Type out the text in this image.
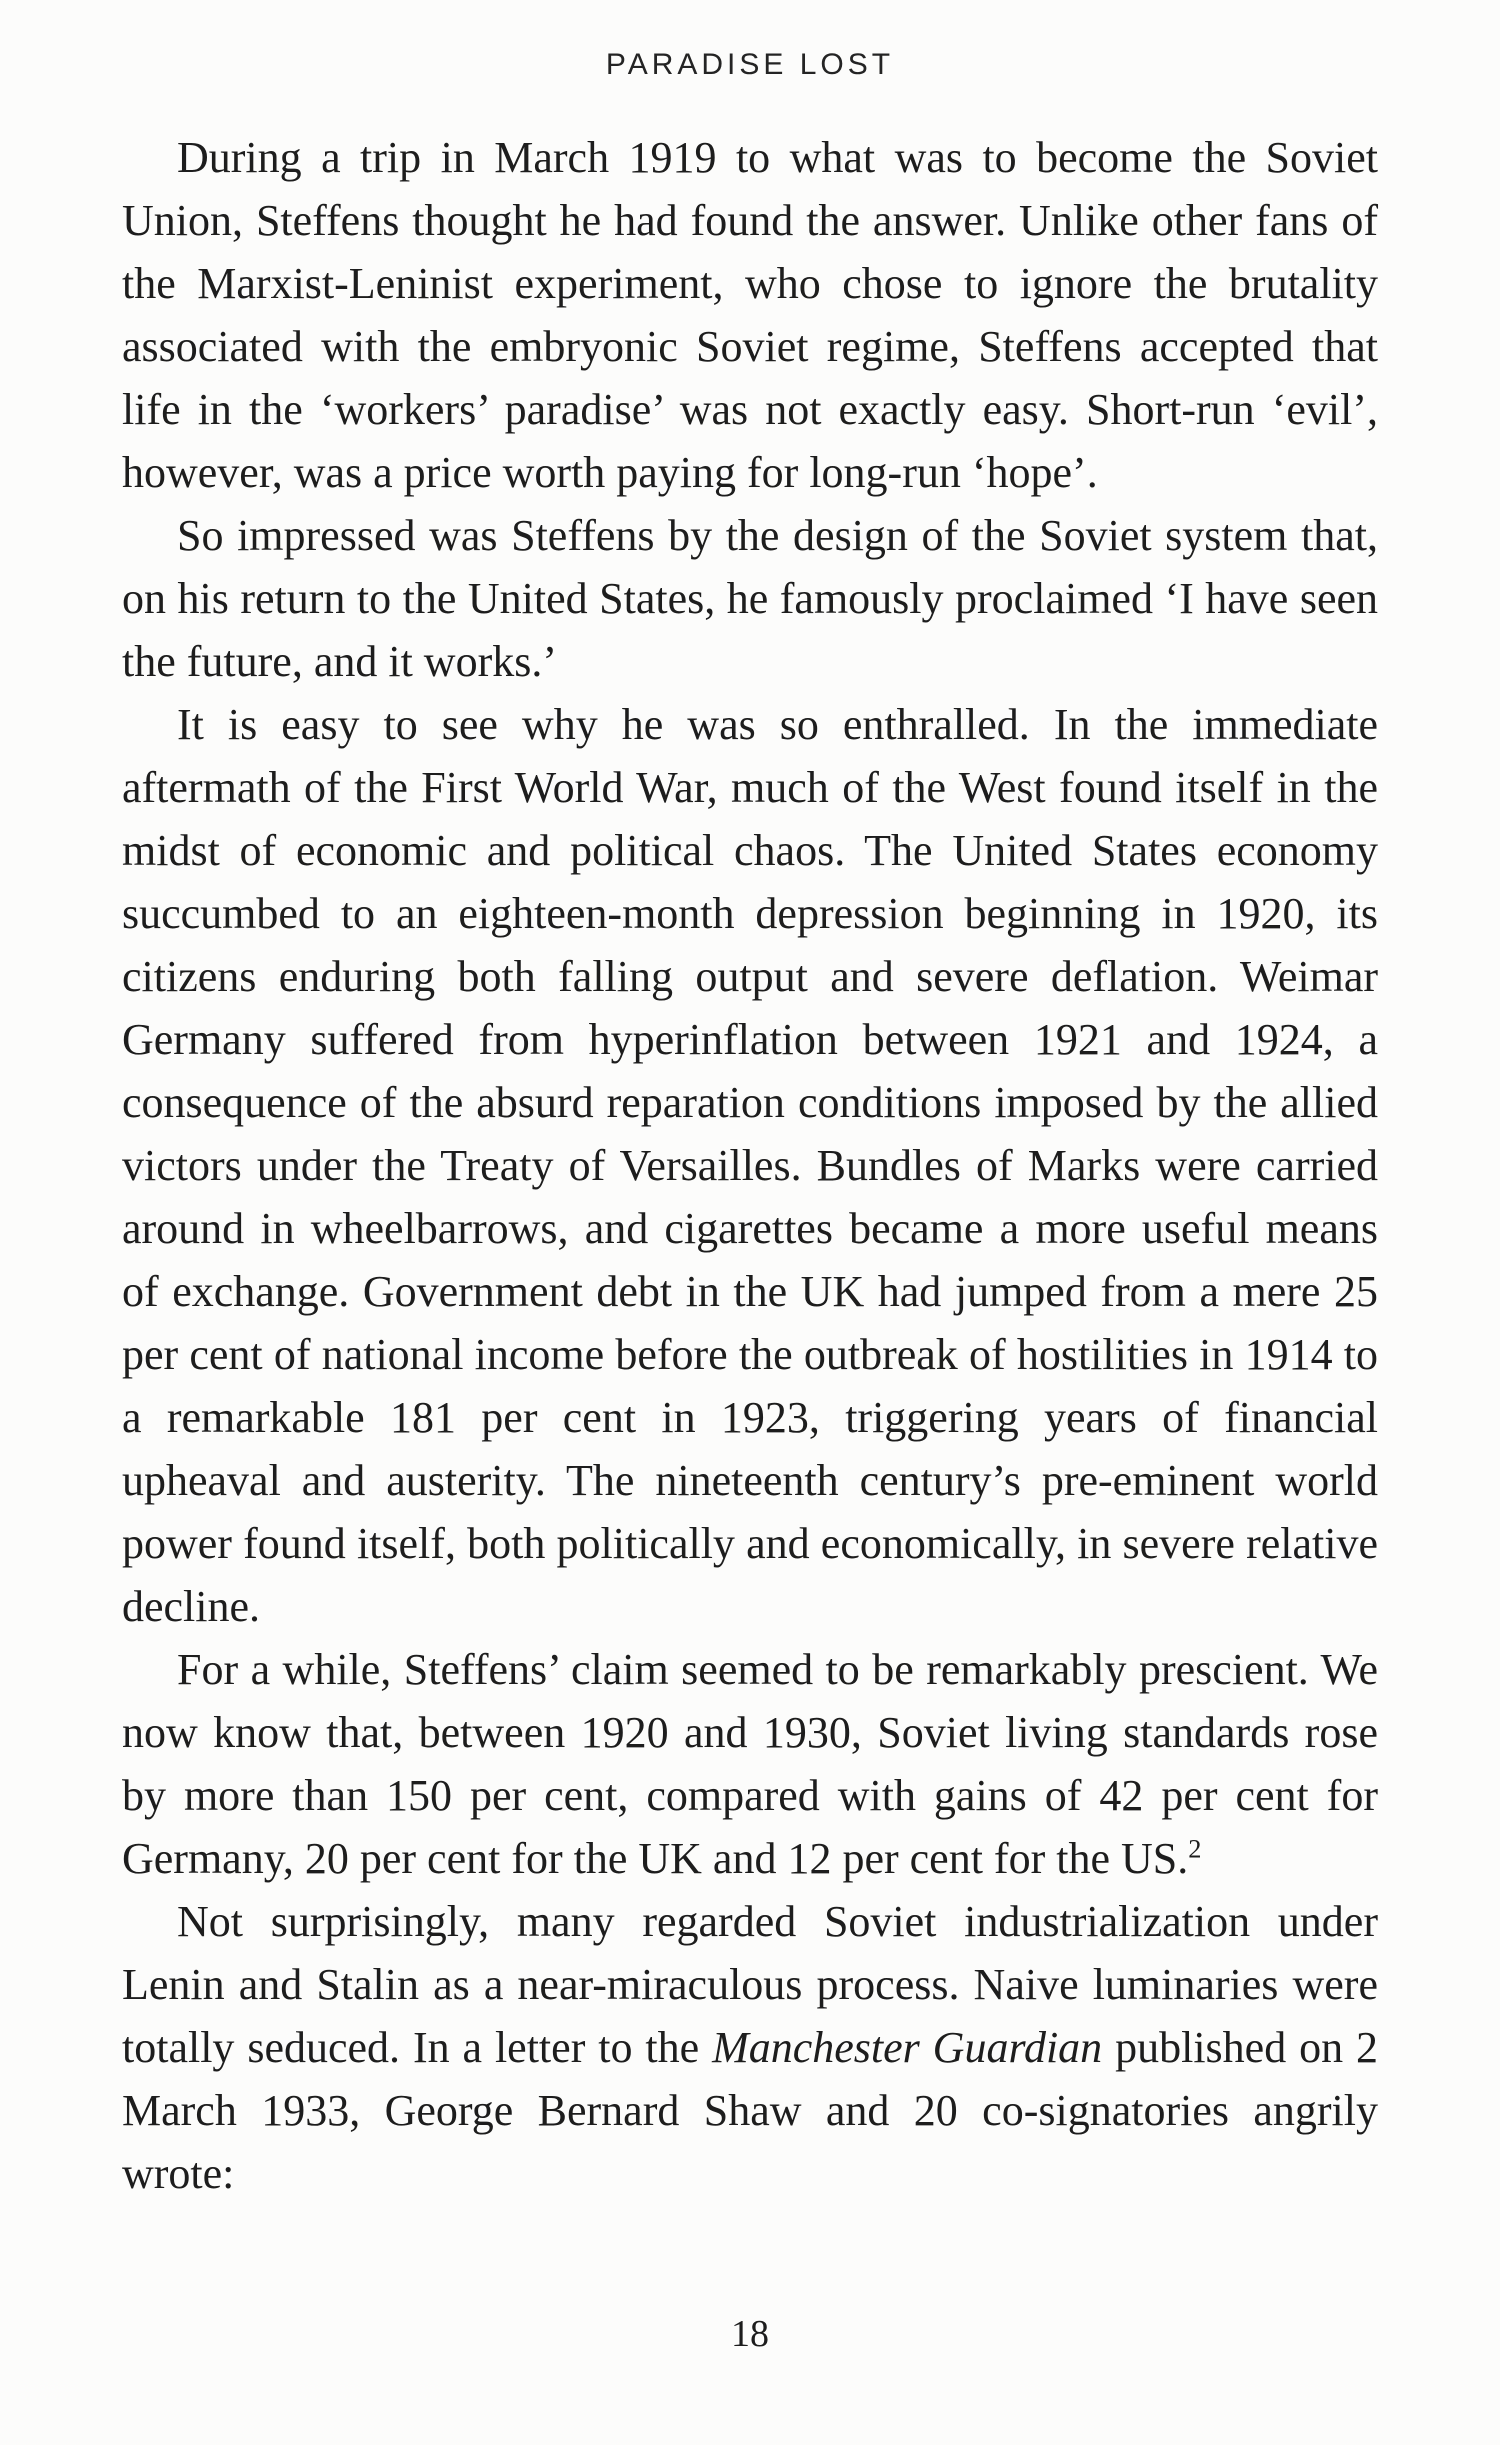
PARADISE LOST

During a trip in March 1919 to what was to become the Soviet Union, Steffens thought he had found the answer. Unlike other fans of the Marxist-Leninist experiment, who chose to ignore the brutality associated with the embryonic Soviet regime, Steffens accepted that life in the ‘workers’ paradise’ was not exactly easy. Short-run ‘evil’, however, was a price worth paying for long-run ‘hope’.

So impressed was Steffens by the design of the Soviet system that, on his return to the United States, he famously proclaimed ‘I have seen the future, and it works.’

It is easy to see why he was so enthralled. In the immediate aftermath of the First World War, much of the West found itself in the midst of economic and political chaos. The United States economy succumbed to an eighteen-month depression beginning in 1920, its citizens enduring both falling output and severe deflation. Weimar Germany suffered from hyperinflation between 1921 and 1924, a consequence of the absurd reparation conditions imposed by the allied victors under the Treaty of Versailles. Bundles of Marks were carried around in wheelbarrows, and cigarettes became a more useful means of exchange. Government debt in the UK had jumped from a mere 25 per cent of national income before the outbreak of hostilities in 1914 to a remarkable 181 per cent in 1923, triggering years of financial upheaval and austerity. The nineteenth century’s pre-eminent world power found itself, both politically and economically, in severe relative decline.

For a while, Steffens’ claim seemed to be remarkably prescient. We now know that, between 1920 and 1930, Soviet living standards rose by more than 150 per cent, compared with gains of 42 per cent for Germany, 20 per cent for the UK and 12 per cent for the US.$^2$

Not surprisingly, many regarded Soviet industrialization under Lenin and Stalin as a near-miraculous process. Naive luminaries were totally seduced. In a letter to the Manchester Guardian published on 2 March 1933, George Bernard Shaw and 20 co-signatories angrily wrote:

18
